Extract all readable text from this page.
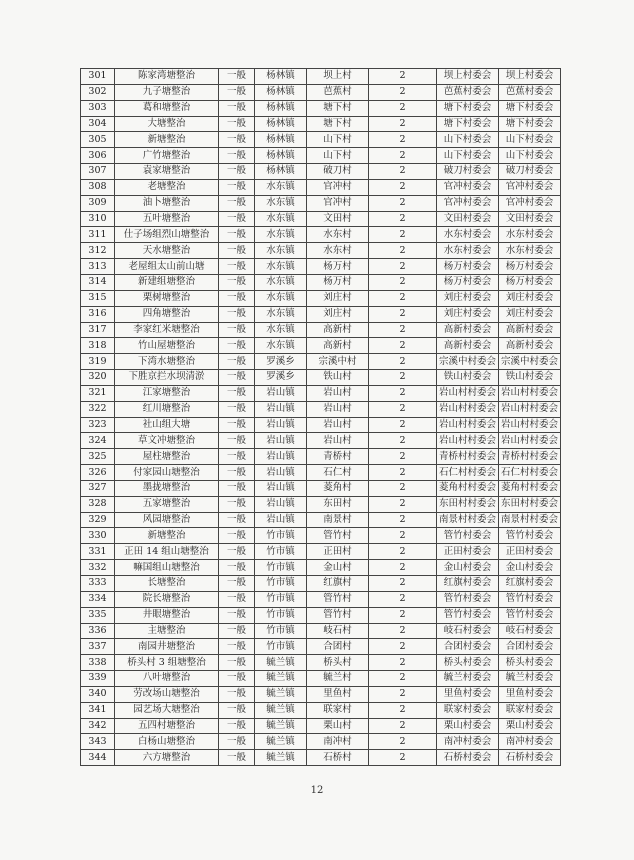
301	陈家湾塘整治	一般	杨林镇	坝上村	2	坝上村委会	坝上村委会
302	九子塘整治	一般	杨林镇	芭蕉村	2	芭蕉村委会	芭蕉村委会
303	葛和塘整治	一般	杨林镇	塘下村	2	塘下村委会	塘下村委会
304	大塘整治	一般	杨林镇	塘下村	2	塘下村委会	塘下村委会
305	新塘整治	一般	杨林镇	山下村	2	山下村委会	山下村委会
306	广竹塘整治	一般	杨林镇	山下村	2	山下村委会	山下村委会
307	袁家塘整治	一般	杨林镇	破刀村	2	破刀村委会	破刀村委会
308	老塘整治	一般	水东镇	官冲村	2	官冲村委会	官冲村委会
309	油卜塘整治	一般	水东镇	官冲村	2	官冲村委会	官冲村委会
310	五叶塘整治	一般	水东镇	文田村	2	文田村委会	文田村委会
311	仕子场组烈山塘整治	一般	水东镇	水东村	2	水东村委会	水东村委会
312	天水塘整治	一般	水东镇	水东村	2	水东村委会	水东村委会
313	老屋组太山前山塘	一般	水东镇	杨万村	2	杨万村委会	杨万村委会
314	新建组塘整治	一般	水东镇	杨万村	2	杨万村委会	杨万村委会
315	栗树塘整治	一般	水东镇	刘庄村	2	刘庄村委会	刘庄村委会
316	四角塘整治	一般	水东镇	刘庄村	2	刘庄村委会	刘庄村委会
317	李家红米塘整治	一般	水东镇	高新村	2	高新村委会	高新村委会
318	竹山屋塘整治	一般	水东镇	高新村	2	高新村委会	高新村委会
319	下湾水塘整治	一般	罗溪乡	宗溪中村	2	宗溪中村委会	宗溪中村委会
320	下胜京拦水坝清淤	一般	罗溪乡	铁山村	2	铁山村委会	铁山村委会
321	江家塘整治	一般	岩山镇	岩山村	2	岩山村村委会	岩山村村委会
322	红川塘整治	一般	岩山镇	岩山村	2	岩山村村委会	岩山村村委会
323	社山组大塘	一般	岩山镇	岩山村	2	岩山村村委会	岩山村村委会
324	草文冲塘整治	一般	岩山镇	岩山村	2	岩山村村委会	岩山村村委会
325	屋柱塘整治	一般	岩山镇	青桥村	2	青桥村村委会	青桥村村委会
326	付家园山塘整治	一般	岩山镇	石仁村	2	石仁村村委会	石仁村村委会
327	墨拢塘整治	一般	岩山镇	菱角村	2	菱角村村委会	菱角村村委会
328	五家塘整治	一般	岩山镇	东田村	2	东田村村委会	东田村村委会
329	风园塘整治	一般	岩山镇	南景村	2	南景村村委会	南景村村委会
330	新塘整治	一般	竹市镇	管竹村	2	管竹村委会	管竹村委会
331	正田 14 组山塘整治	一般	竹市镇	正田村	2	正田村委会	正田村委会
332	嘛国组山塘整治	一般	竹市镇	金山村	2	金山村委会	金山村委会
333	长塘整治	一般	竹市镇	红旗村	2	红旗村委会	红旗村委会
334	院长塘整治	一般	竹市镇	管竹村	2	管竹村委会	管竹村委会
335	井眼塘整治	一般	竹市镇	管竹村	2	管竹村委会	管竹村委会
336	主塘整治	一般	竹市镇	岐石村	2	岐石村委会	岐石村委会
337	南园井塘整治	一般	竹市镇	合团村	2	合团村委会	合团村委会
338	桥头村 3 组塘整治	一般	毓兰镇	桥头村	2	桥头村委会	桥头村委会
339	八叶塘整治	一般	毓兰镇	毓兰村	2	毓兰村委会	毓兰村委会
340	劳改场山塘整治	一般	毓兰镇	里鱼村	2	里鱼村委会	里鱼村委会
341	园艺场大塘整治	一般	毓兰镇	联家村	2	联家村委会	联家村委会
342	五四村塘整治	一般	毓兰镇	栗山村	2	栗山村委会	栗山村委会
343	白杨山塘整治	一般	毓兰镇	南冲村	2	南冲村委会	南冲村委会
344	六方塘整治	一般	毓兰镇	石桥村	2	石桥村委会	石桥村委会
12
